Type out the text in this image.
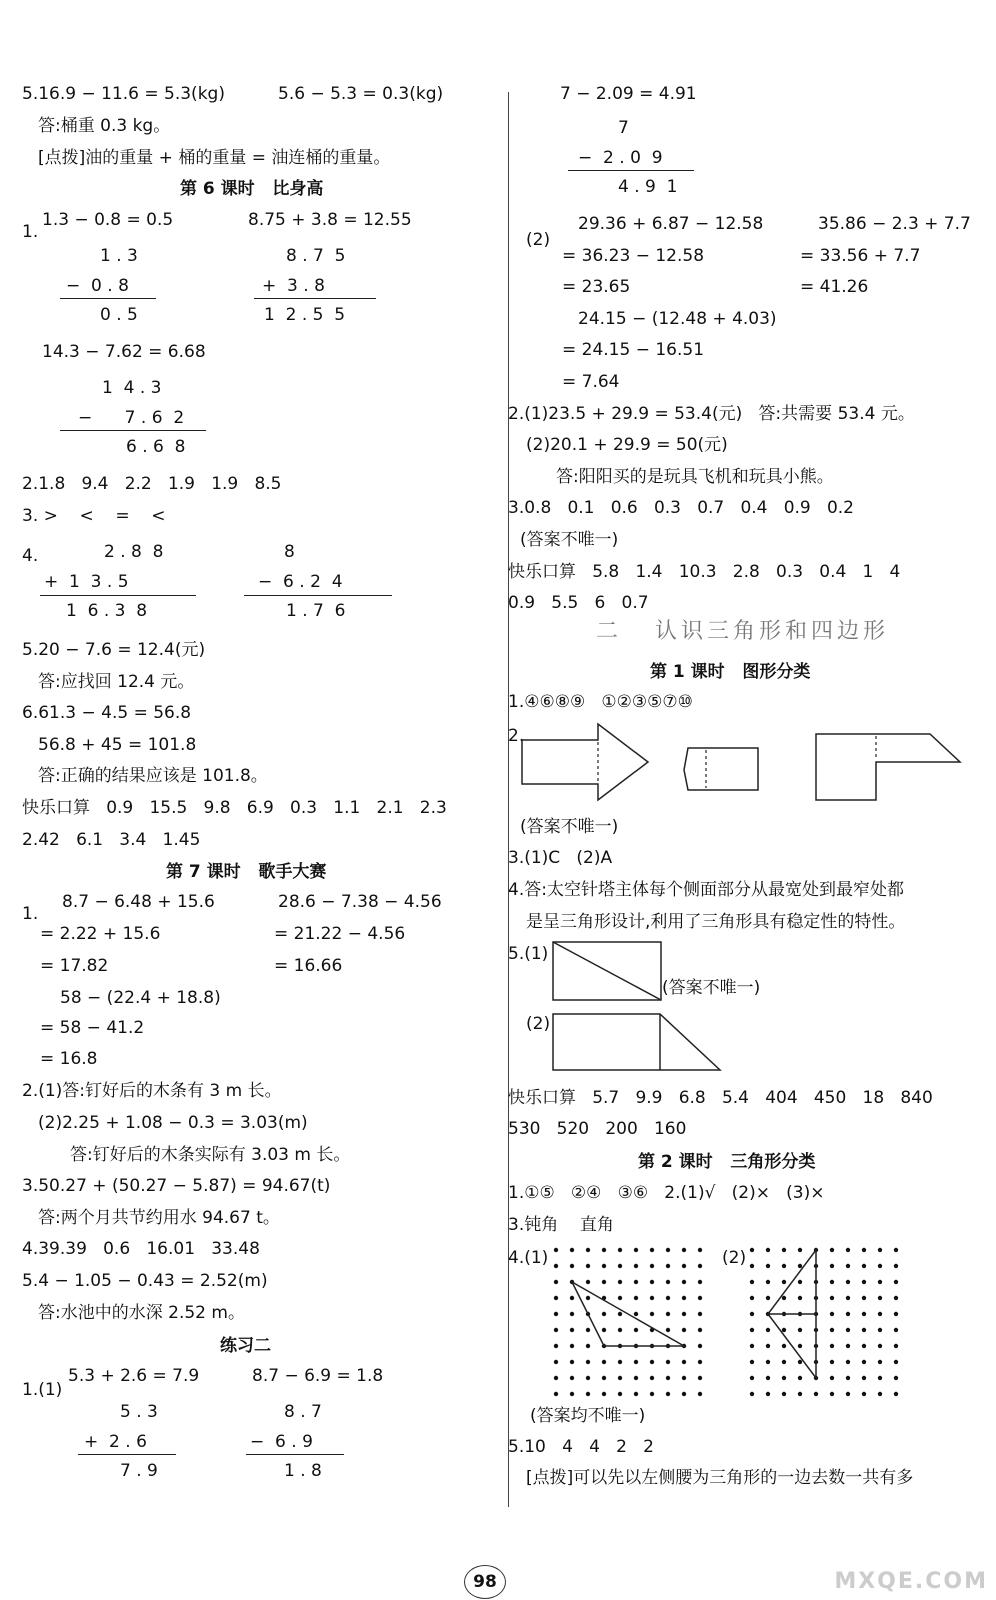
5.16.9 − 11.6 = 5.3(kg)	5.6 − 5.3 = 0.3(kg)
答:桶重 0.3 kg。
[点拨]油的重量 + 桶的重量 = 油连桶的重量。
第 6 课时   比身高
1.
1.3 − 0.8 = 0.5	8.75 + 3.8 = 12.55
1 . 3
−  0 . 8
0 . 5
8 . 7  5
+  3 . 8
1  2 . 5  5
14.3 − 7.62 = 6.68
1  4 . 3
−      7 . 6  2
6 . 6  8
2.1.8   9.4   2.2   1.9   1.9   8.5
3. >    <    =    <
4.	2 . 8  8
+  1  3 . 5
1  6 . 3  8
8
−  6 . 2  4
1 . 7  6
5.20 − 7.6 = 12.4(元)
答:应找回 12.4 元。
6.61.3 − 4.5 = 56.8
56.8 + 45 = 101.8
答:正确的结果应该是 101.8。
快乐口算   0.9   15.5   9.8   6.9   0.3   1.1   2.1   2.3
2.42   6.1   3.4   1.45
第 7 课时   歌手大赛
1.
8.7 − 6.48 + 15.6	28.6 − 7.38 − 4.56
= 2.22 + 15.6	= 21.22 − 4.56
= 17.82	= 16.66
58 − (22.4 + 18.8)
= 58 − 41.2
= 16.8
2.(1)答:钉好后的木条有 3 m 长。
(2)2.25 + 1.08 − 0.3 = 3.03(m)
答:钉好后的木条实际有 3.03 m 长。
3.50.27 + (50.27 − 5.87) = 94.67(t)
答:两个月共节约用水 94.67 t。
4.39.39   0.6   16.01   33.48
5.4 − 1.05 − 0.43 = 2.52(m)
答:水池中的水深 2.52 m。
练习二
1.(1)
5.3 + 2.6 = 7.9	8.7 − 6.9 = 1.8
5 . 3
+  2 . 6
7 . 9
8 . 7
−  6 . 9
1 . 8
7 − 2.09 = 4.91
7
−  2 . 0  9
4 . 9  1
(2)
29.36 + 6.87 − 12.58	35.86 − 2.3 + 7.7
= 36.23 − 12.58	= 33.56 + 7.7
= 23.65	= 41.26
24.15 − (12.48 + 4.03)
= 24.15 − 16.51
= 7.64
2.(1)23.5 + 29.9 = 53.4(元)   答:共需要 53.4 元。
(2)20.1 + 29.9 = 50(元)
答:阳阳买的是玩具飞机和玩具小熊。
3.0.8   0.1   0.6   0.3   0.7   0.4   0.9   0.2
(答案不唯一)
快乐口算   5.8   1.4   10.3   2.8   0.3   0.4   1   4
0.9   5.5   6   0.7
二   认识三角形和四边形
第 1 课时   图形分类
1.④⑥⑧⑨   ①②③⑤⑦⑩
2.
(答案不唯一)
3.(1)C   (2)A
4.答:太空针塔主体每个侧面部分从最宽处到最窄处都
是呈三角形设计,利用了三角形具有稳定性的特性。
5.(1)
(答案不唯一)
(2)
快乐口算   5.7   9.9   6.8   5.4   404   450   18   840
530   520   200   160
第 2 课时   三角形分类
1.①⑤   ②④   ③⑥   2.(1)√   (2)×   (3)×
3.钝角    直角
4.(1)	(2)
(答案均不唯一)
5.10   4   4   2   2
[点拨]可以先以左侧腰为三角形的一边去数一共有多
98	MXQE.COM
